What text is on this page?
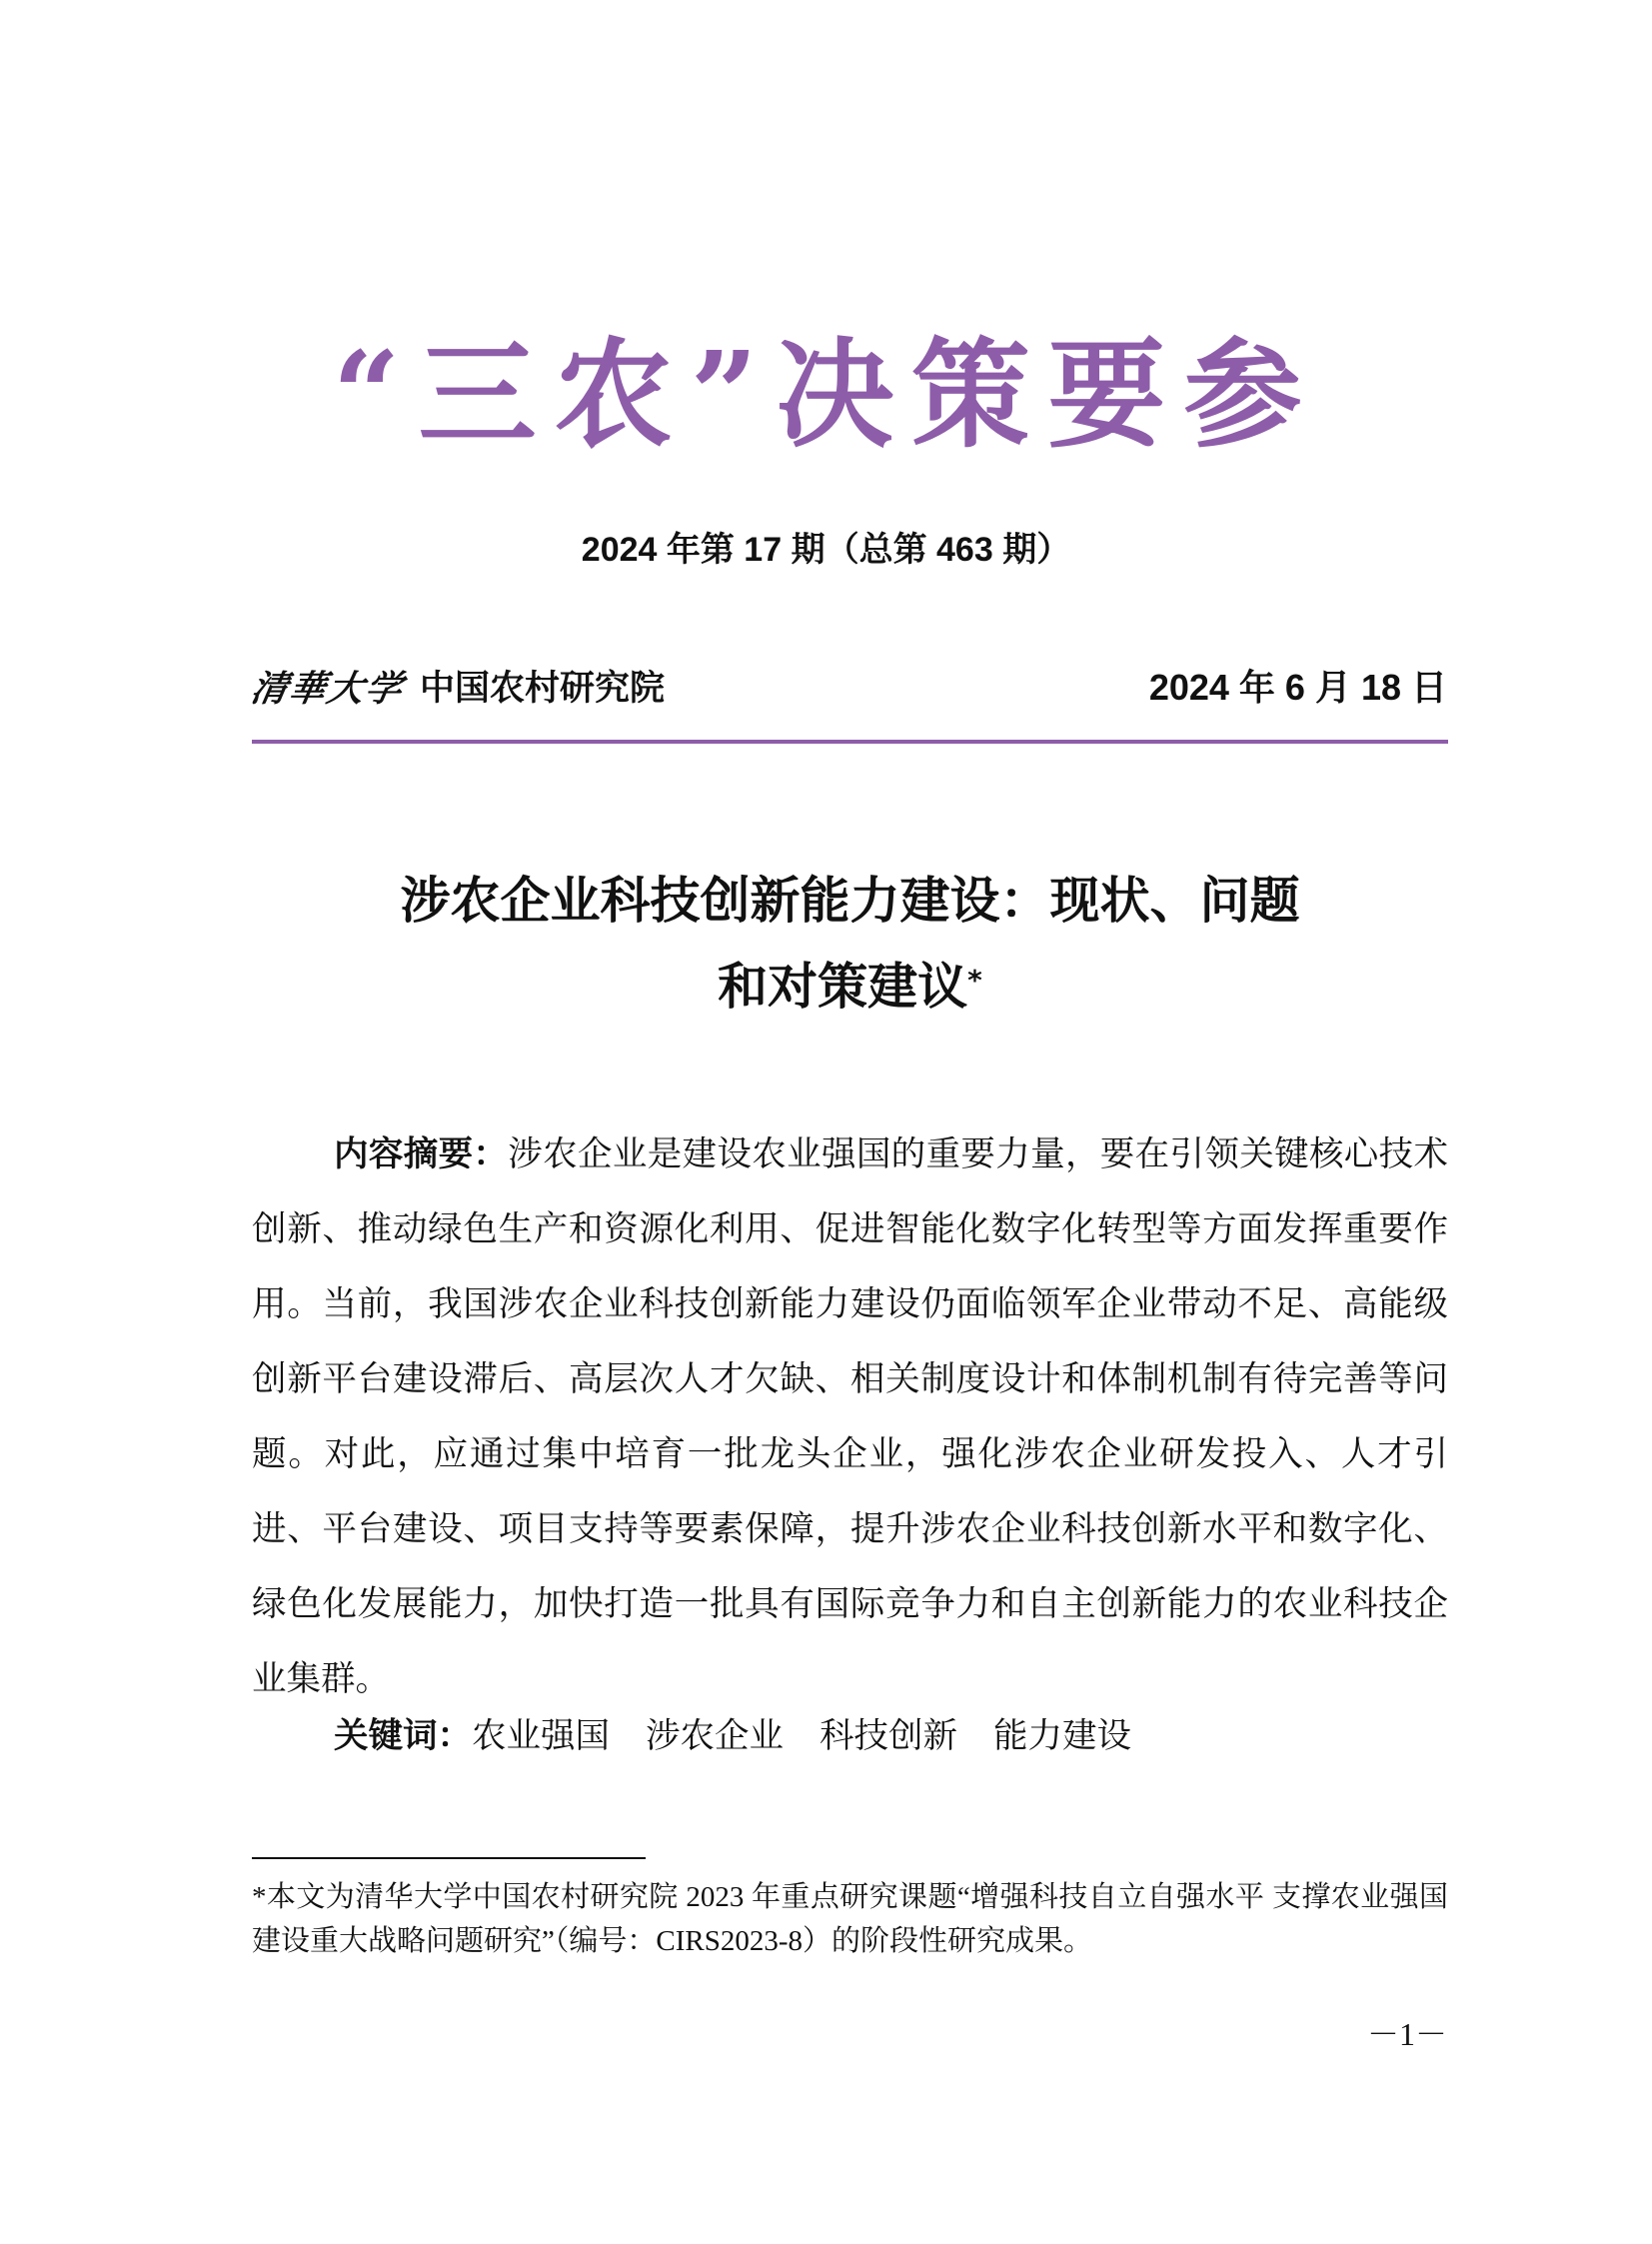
“三农”决策要参
2024 年第 17 期（总第 463 期）
清華大学 中国农村研究院	2024 年 6 月 18 日
涉农企业科技创新能力建设：现状、问题
和对策建议*

内容摘要：涉农企业是建设农业强国的重要力量，要在引领关键核心技术创新、推动绿色生产和资源化利用、促进智能化数字化转型等方面发挥重要作用。当前，我国涉农企业科技创新能力建设仍面临领军企业带动不足、高能级创新平台建设滞后、高层次人才欠缺、相关制度设计和体制机制有待完善等问题。对此，应通过集中培育一批龙头企业，强化涉农企业研发投入、人才引进、平台建设、项目支持等要素保障，提升涉农企业科技创新水平和数字化、绿色化发展能力，加快打造一批具有国际竞争力和自主创新能力的农业科技企业集群。

关键词：农业强国 涉农企业 科技创新 能力建设

*本文为清华大学中国农村研究院 2023 年重点研究课题“增强科技自立自强水平 支撑农业强国建设重大战略问题研究”（编号：CIRS2023-8）的阶段性研究成果。

－1－
